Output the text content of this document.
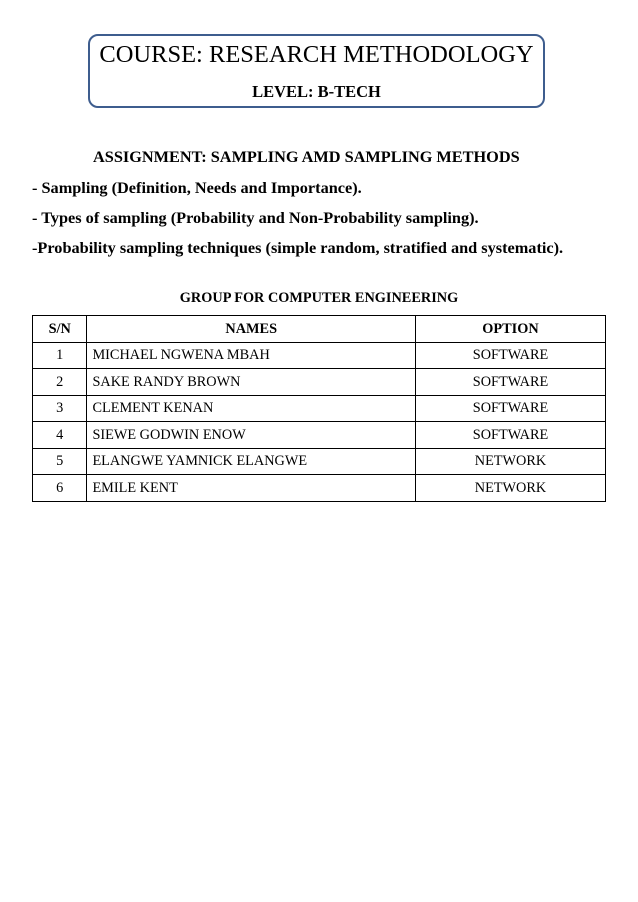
COURSE: RESEARCH METHODOLOGY
LEVEL: B-TECH
ASSIGNMENT: SAMPLING AMD SAMPLING METHODS
- Sampling (Definition, Needs and Importance).
- Types of sampling (Probability and Non-Probability sampling).
-Probability sampling techniques (simple random, stratified and systematic).
GROUP FOR COMPUTER ENGINEERING
S/N	NAMES	OPTION
1	MICHAEL NGWENA MBAH	SOFTWARE
2	SAKE RANDY BROWN	SOFTWARE
3	CLEMENT KENAN	SOFTWARE
4	SIEWE GODWIN ENOW	SOFTWARE
5	ELANGWE YAMNICK ELANGWE	NETWORK
6	EMILE KENT	NETWORK
